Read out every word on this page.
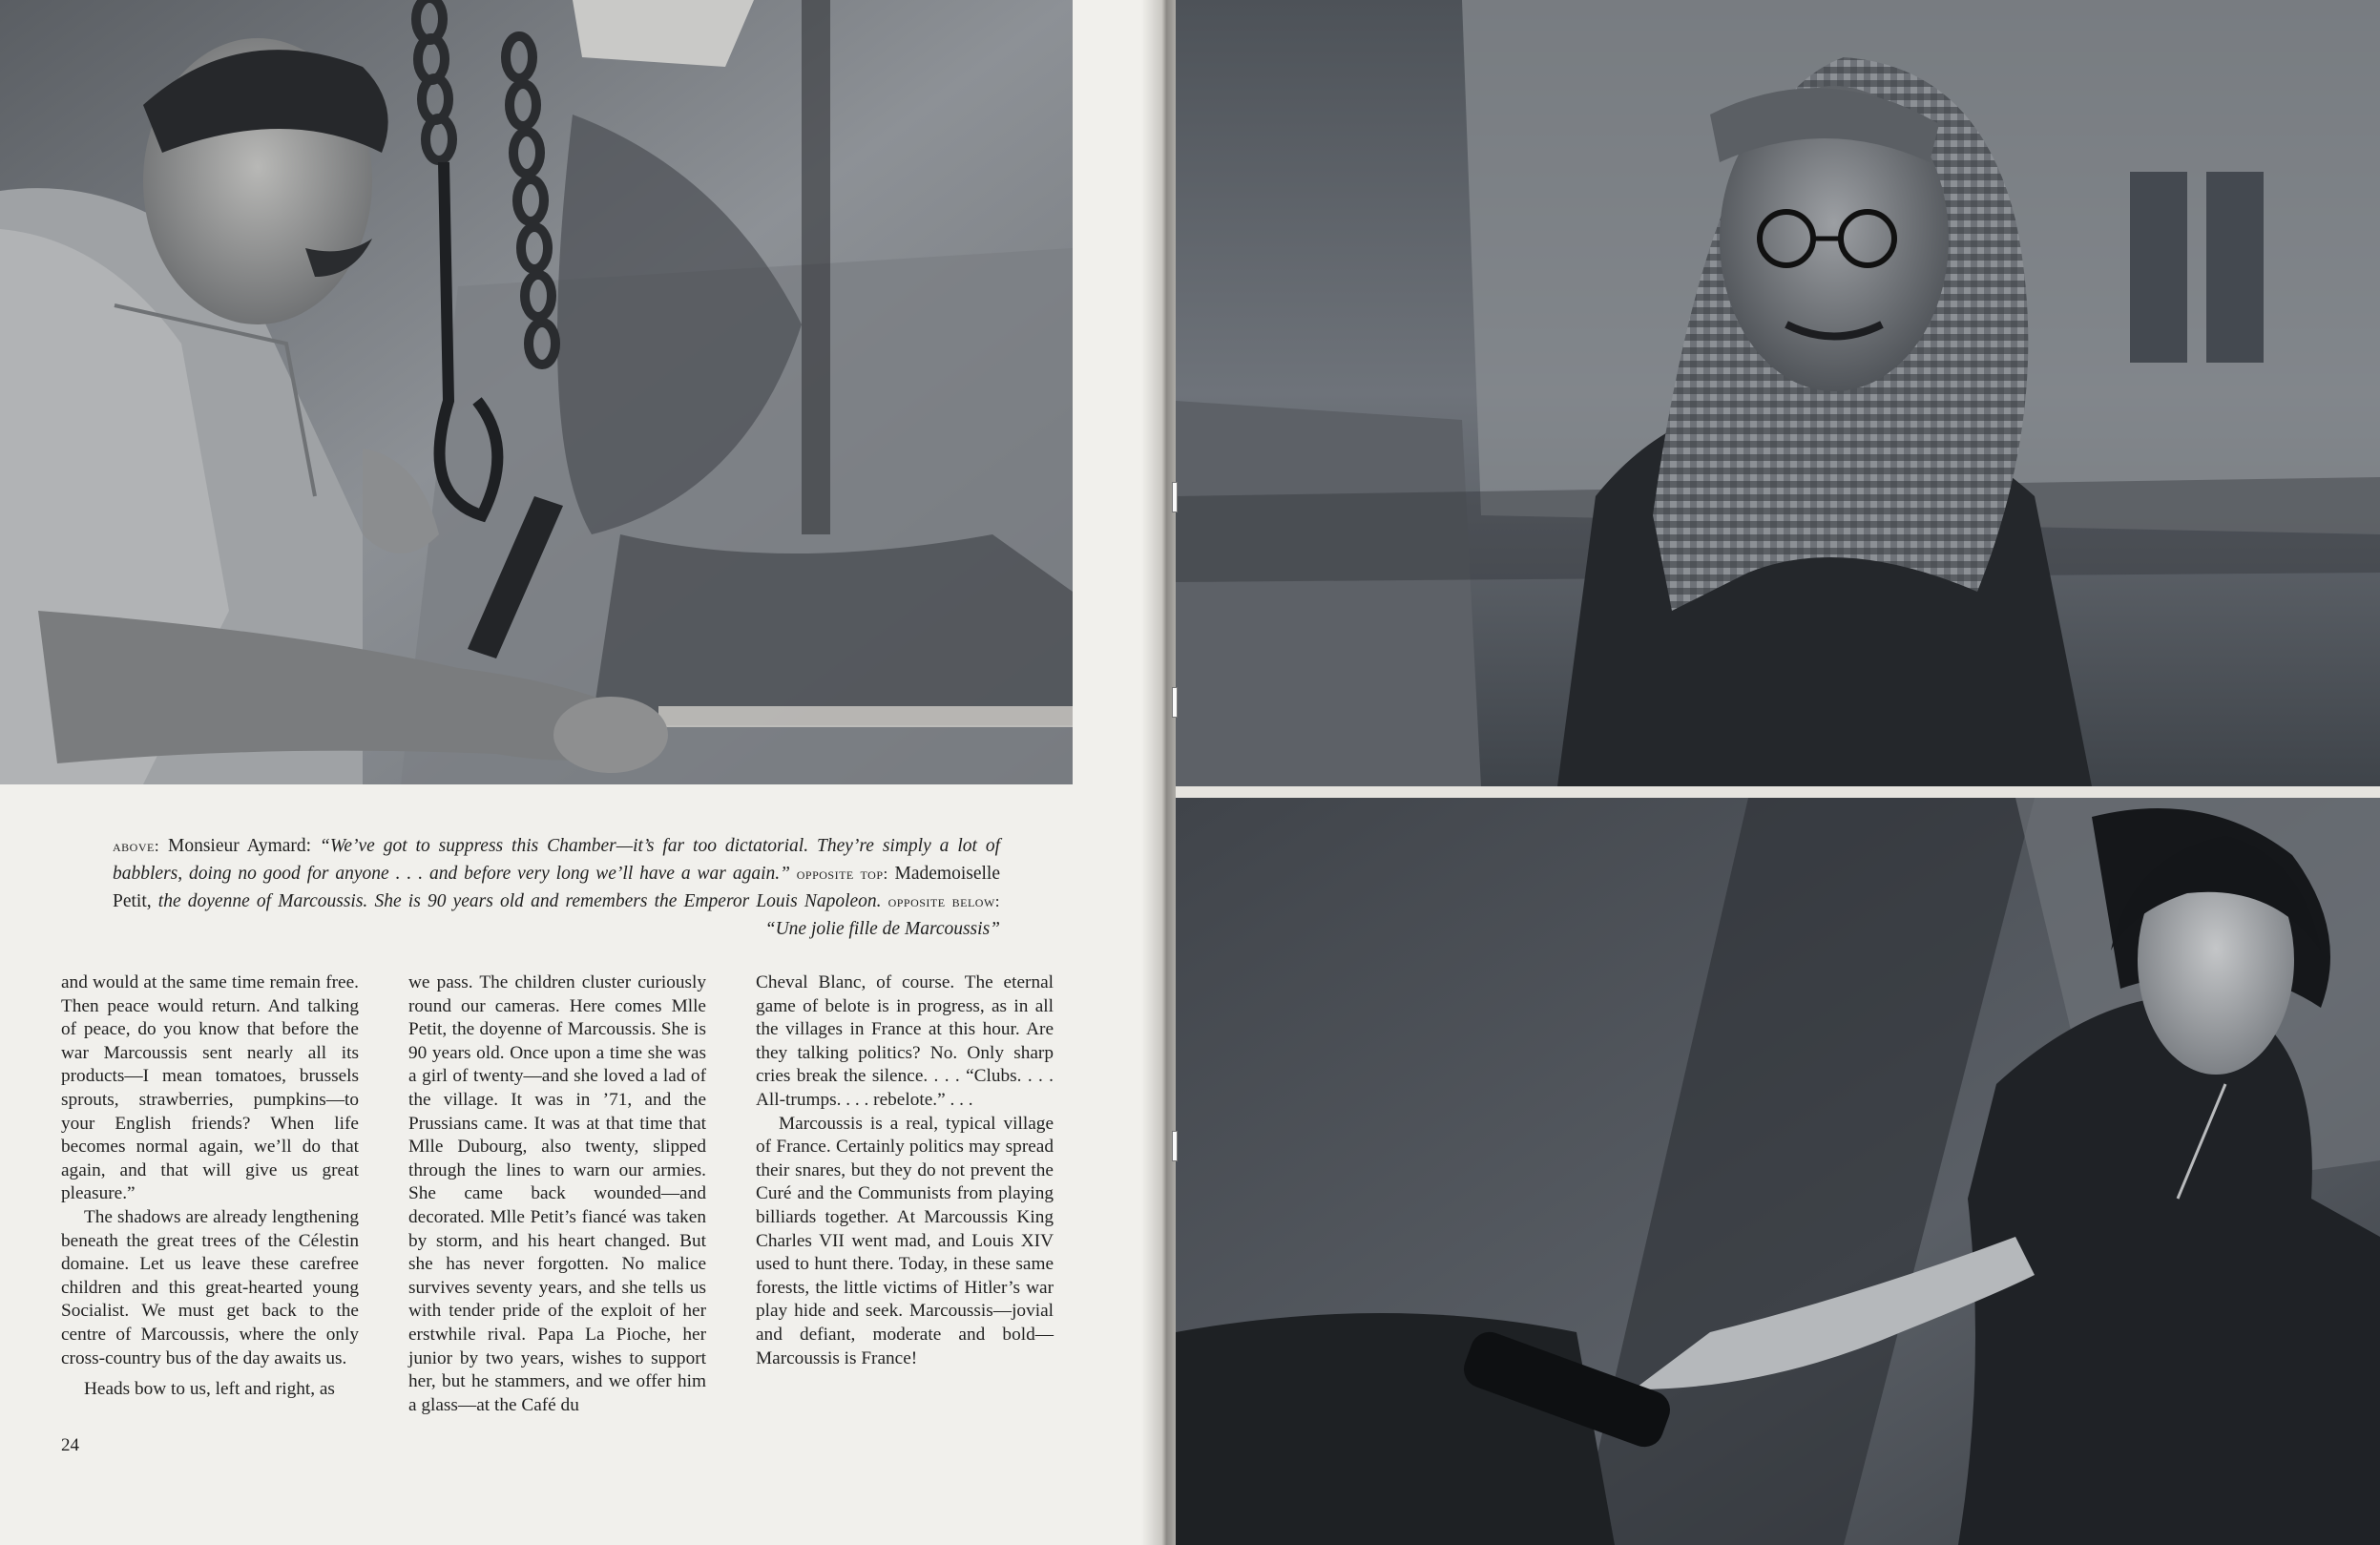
above: Monsieur Aymard: “We’ve got to suppress this Chamber—it’s far too dictatorial. They’re simply a lot of babblers, doing no good for anyone . . . and before very long we’ll have a war again.” opposite top: Mademoiselle Petit, the doyenne of Marcoussis. She is 90 years old and remembers the Emperor Louis Napoleon. opposite below: “Une jolie fille de Marcoussis”

and would at the same time remain free. Then peace would return. And talking of peace, do you know that before the war Marcoussis sent nearly all its products—I mean tomatoes, brussels sprouts, strawberries, pumpkins—to your English friends? When life becomes normal again, we’ll do that again, and that will give us great pleasure.”

The shadows are already lengthening beneath the great trees of the Célestin domaine. Let us leave these carefree children and this great-hearted young Socialist. We must get back to the centre of Marcoussis, where the only cross-country bus of the day awaits us.

Heads bow to us, left and right, as

we pass. The children cluster curiously round our cameras. Here comes Mlle Petit, the doyenne of Marcoussis. She is 90 years old. Once upon a time she was a girl of twenty—and she loved a lad of the village. It was in ’71, and the Prussians came. It was at that time that Mlle Dubourg, also twenty, slipped through the lines to warn our armies. She came back wounded—and decorated. Mlle Petit’s fiancé was taken by storm, and his heart changed. But she has never forgotten. No malice survives seventy years, and she tells us with tender pride of the exploit of her erstwhile rival. Papa La Pioche, her junior by two years, wishes to support her, but he stammers, and we offer him a glass—at the Café du

Cheval Blanc, of course. The eternal game of belote is in progress, as in all the villages in France at this hour. Are they talking politics? No. Only sharp cries break the silence. . . . “Clubs. . . . All-trumps. . . . rebelote.” . . .

Marcoussis is a real, typical village of France. Certainly politics may spread their snares, but they do not prevent the Curé and the Communists from playing billiards together. At Marcoussis King Charles VII went mad, and Louis XIV used to hunt there. Today, in these same forests, the little victims of Hitler’s war play hide and seek. Marcoussis—jovial and defiant, moderate and bold—Marcoussis is France!

24
